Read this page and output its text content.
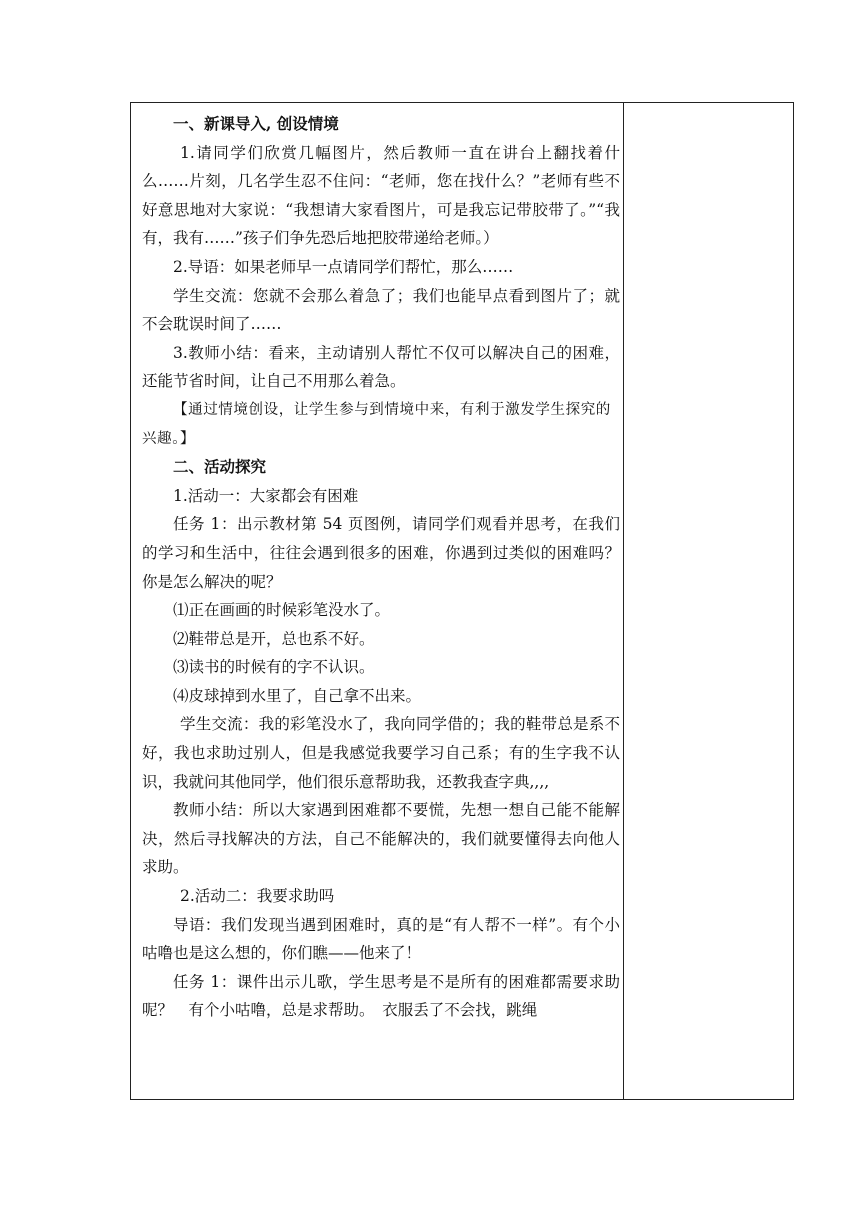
一、新课导入, 创设情境

1.请同学们欣赏几幅图片，然后教师一直在讲台上翻找着什么……片刻，几名学生忍不住问：“老师，您在找什么？”老师有些不好意思地对大家说：“我想请大家看图片，可是我忘记带胶带了。”“我有，我有……”孩子们争先恐后地把胶带递给老师。）

2.导语：如果老师早一点请同学们帮忙，那么……

学生交流：您就不会那么着急了；我们也能早点看到图片了；就不会耽误时间了……

3.教师小结：看来，主动请别人帮忙不仅可以解决自己的困难，还能节省时间，让自己不用那么着急。

【通过情境创设，让学生参与到情境中来，有利于激发学生探究的兴趣。】

二、活动探究

1.活动一：大家都会有困难

任务 1：出示教材第 54 页图例，请同学们观看并思考，在我们的学习和生活中，往往会遇到很多的困难，你遇到过类似的困难吗？你是怎么解决的呢？

⑴正在画画的时候彩笔没水了。

⑵鞋带总是开，总也系不好。

⑶读书的时候有的字不认识。

⑷皮球掉到水里了，自己拿不出来。

学生交流：我的彩笔没水了，我向同学借的；我的鞋带总是系不好，我也求助过别人，但是我感觉我要学习自己系；有的生字我不认识，我就问其他同学，他们很乐意帮助我，还教我查字典,,,,

教师小结：所以大家遇到困难都不要慌，先想一想自己能不能解决，然后寻找解决的方法，自己不能解决的，我们就要懂得去向他人求助。

2.活动二：我要求助吗

导语：我们发现当遇到困难时，真的是“有人帮不一样”。有个小咕噜也是这么想的，你们瞧——他来了！

任务 1：课件出示儿歌，学生思考是不是所有的困难都需要求助呢？　有个小咕噜，总是求帮助。　衣服丢了不会找，跳绳
